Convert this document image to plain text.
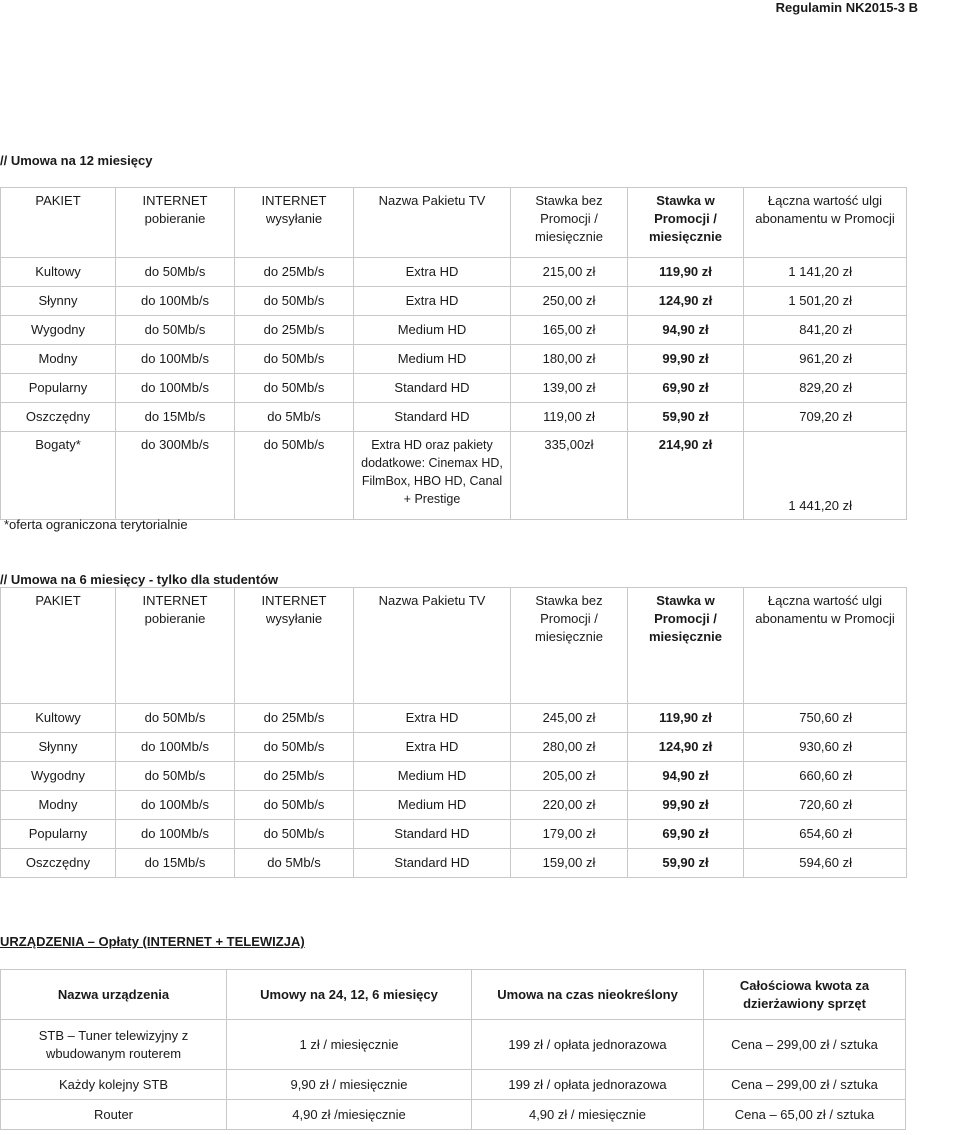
Regulamin NK2015-3 B
// Umowa na 12 miesięcy
PAKIET	INTERNET pobieranie	INTERNET wysyłanie	Nazwa Pakietu TV	Stawka bez Promocji / miesięcznie	Stawka w Promocji / miesięcznie	Łączna wartość ulgi abonamentu w Promocji
Kultowy	do 50Mb/s	do 25Mb/s	Extra HD	215,00 zł	119,90 zł	1 141,20 zł
Słynny	do 100Mb/s	do 50Mb/s	Extra HD	250,00 zł	124,90 zł	1 501,20 zł
Wygodny	do 50Mb/s	do 25Mb/s	Medium HD	165,00 zł	94,90 zł	841,20 zł
Modny	do 100Mb/s	do 50Mb/s	Medium HD	180,00 zł	99,90 zł	961,20 zł
Popularny	do 100Mb/s	do 50Mb/s	Standard HD	139,00 zł	69,90 zł	829,20 zł
Oszczędny	do 15Mb/s	do 5Mb/s	Standard HD	119,00 zł	59,90 zł	709,20 zł
Bogaty*	do 300Mb/s	do 50Mb/s	Extra HD oraz pakiety dodatkowe: Cinemax HD, FilmBox, HBO HD, Canal + Prestige	335,00zł	214,90 zł	1 441,20 zł
*oferta ograniczona terytorialnie
// Umowa na 6 miesięcy - tylko dla studentów
PAKIET	INTERNET pobieranie	INTERNET wysyłanie	Nazwa Pakietu TV	Stawka bez Promocji / miesięcznie	Stawka w Promocji / miesięcznie	Łączna wartość ulgi abonamentu w Promocji
Kultowy	do 50Mb/s	do 25Mb/s	Extra HD	245,00 zł	119,90 zł	750,60 zł
Słynny	do 100Mb/s	do 50Mb/s	Extra HD	280,00 zł	124,90 zł	930,60 zł
Wygodny	do 50Mb/s	do 25Mb/s	Medium HD	205,00 zł	94,90 zł	660,60 zł
Modny	do 100Mb/s	do 50Mb/s	Medium HD	220,00 zł	99,90 zł	720,60 zł
Popularny	do 100Mb/s	do 50Mb/s	Standard HD	179,00 zł	69,90 zł	654,60 zł
Oszczędny	do 15Mb/s	do 5Mb/s	Standard HD	159,00 zł	59,90 zł	594,60 zł
URZĄDZENIA – Opłaty (INTERNET + TELEWIZJA)
Nazwa urządzenia	Umowy na 24, 12, 6 miesięcy	Umowa na czas nieokreślony	Całościowa kwota za dzierżawiony sprzęt
STB – Tuner telewizyjny z wbudowanym routerem	1 zł / miesięcznie	199 zł / opłata jednorazowa	Cena – 299,00 zł / sztuka
Każdy kolejny STB	9,90 zł / miesięcznie	199 zł / opłata jednorazowa	Cena – 299,00 zł / sztuka
Router	4,90 zł /miesięcznie	4,90 zł / miesięcznie	Cena – 65,00 zł / sztuka
